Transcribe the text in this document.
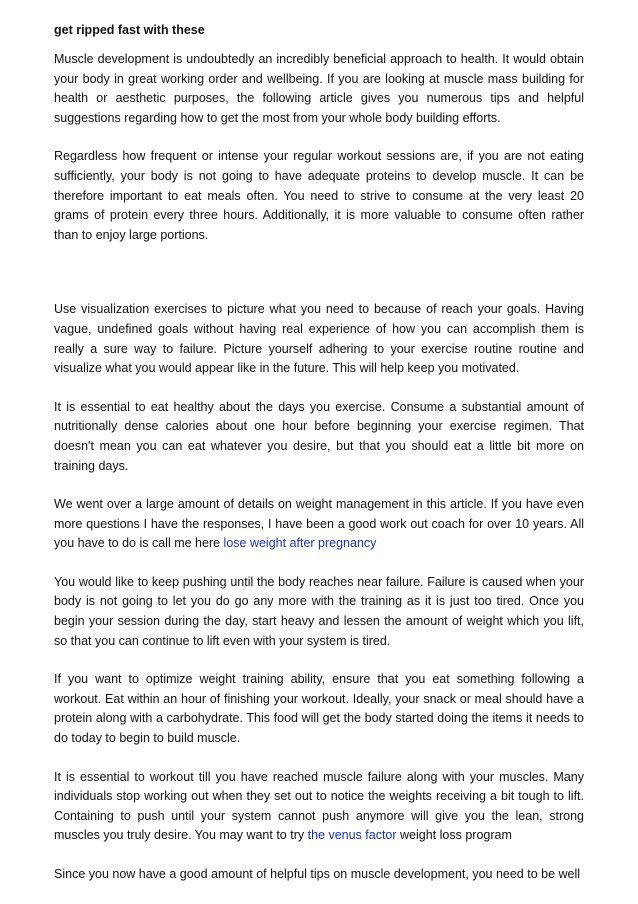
get ripped fast with these

Muscle development is undoubtedly an incredibly beneficial approach to health. It would obtain your body in great working order and wellbeing. If you are looking at muscle mass building for health or aesthetic purposes, the following article gives you numerous tips and helpful suggestions regarding how to get the most from your whole body building efforts.

Regardless how frequent or intense your regular workout sessions are, if you are not eating sufficiently, your body is not going to have adequate proteins to develop muscle. It can be therefore important to eat meals often. You need to strive to consume at the very least 20 grams of protein every three hours. Additionally, it is more valuable to consume often rather than to enjoy large portions.

Use visualization exercises to picture what you need to because of reach your goals. Having vague, undefined goals without having real experience of how you can accomplish them is really a sure way to failure. Picture yourself adhering to your exercise routine routine and visualize what you would appear like in the future. This will help keep you motivated.

It is essential to eat healthy about the days you exercise. Consume a substantial amount of nutritionally dense calories about one hour before beginning your exercise regimen. That doesn't mean you can eat whatever you desire, but that you should eat a little bit more on training days.

We went over a large amount of details on weight management in this article. If you have even more questions I have the responses, I have been a good work out coach for over 10 years. All you have to do is call me here lose weight after pregnancy

You would like to keep pushing until the body reaches near failure. Failure is caused when your body is not going to let you do go any more with the training as it is just too tired. Once you begin your session during the day, start heavy and lessen the amount of weight which you lift, so that you can continue to lift even with your system is tired.

If you want to optimize weight training ability, ensure that you eat something following a workout. Eat within an hour of finishing your workout. Ideally, your snack or meal should have a protein along with a carbohydrate. This food will get the body started doing the items it needs to do today to begin to build muscle.

It is essential to workout till you have reached muscle failure along with your muscles. Many individuals stop working out when they set out to notice the weights receiving a bit tough to lift. Containing to push until your system cannot push anymore will give you the lean, strong muscles you truly desire. You may want to try the venus factor weight loss program

Since you now have a good amount of helpful tips on muscle development, you need to be well
